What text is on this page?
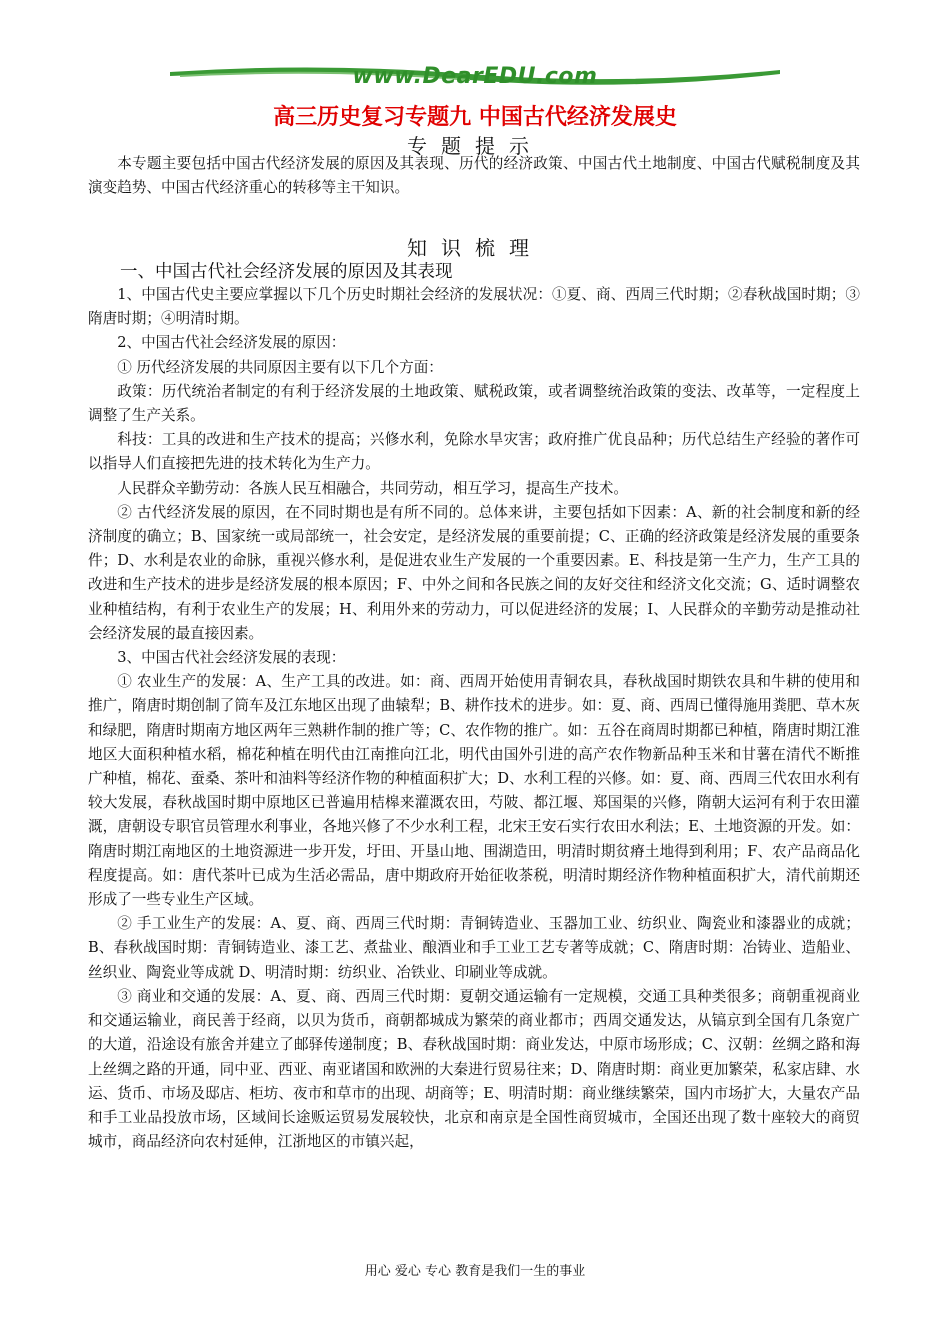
www.DearEDU.com
高三历史复习专题九 中国古代经济发展史
专题提示

本专题主要包括中国古代经济发展的原因及其表现、历代的经济政策、中国古代土地制度、中国古代赋税制度及其演变趋势、中国古代经济重心的转移等主干知识。

知识梳理
一、中国古代社会经济发展的原因及其表现

1、中国古代史主要应掌握以下几个历史时期社会经济的发展状况：①夏、商、西周三代时期；②春秋战国时期；③隋唐时期；④明清时期。

2、中国古代社会经济发展的原因：

① 历代经济发展的共同原因主要有以下几个方面：

政策：历代统治者制定的有利于经济发展的土地政策、赋税政策，或者调整统治政策的变法、改革等，一定程度上调整了生产关系。

科技：工具的改进和生产技术的提高；兴修水利，免除水旱灾害；政府推广优良品种；历代总结生产经验的著作可以指导人们直接把先进的技术转化为生产力。

人民群众辛勤劳动：各族人民互相融合，共同劳动，相互学习，提高生产技术。

② 古代经济发展的原因，在不同时期也是有所不同的。总体来讲，主要包括如下因素：A、新的社会制度和新的经济制度的确立；B、国家统一或局部统一，社会安定，是经济发展的重要前提；C、正确的经济政策是经济发展的重要条件；D、水利是农业的命脉，重视兴修水利，是促进农业生产发展的一个重要因素。E、科技是第一生产力，生产工具的改进和生产技术的进步是经济发展的根本原因；F、中外之间和各民族之间的友好交往和经济文化交流；G、适时调整农业种植结构，有利于农业生产的发展；H、利用外来的劳动力，可以促进经济的发展；I、人民群众的辛勤劳动是推动社会经济发展的最直接因素。

3、中国古代社会经济发展的表现：

① 农业生产的发展：A、生产工具的改进。如：商、西周开始使用青铜农具，春秋战国时期铁农具和牛耕的使用和推广，隋唐时期创制了筒车及江东地区出现了曲辕犁；B、耕作技术的进步。如：夏、商、西周已懂得施用粪肥、草木灰和绿肥，隋唐时期南方地区两年三熟耕作制的推广等；C、农作物的推广。如：五谷在商周时期都已种植，隋唐时期江淮地区大面积种植水稻，棉花种植在明代由江南推向江北，明代由国外引进的高产农作物新品种玉米和甘薯在清代不断推广种植，棉花、蚕桑、茶叶和油料等经济作物的种植面积扩大；D、水利工程的兴修。如：夏、商、西周三代农田水利有较大发展，春秋战国时期中原地区已普遍用桔槔来灌溉农田，芍陂、都江堰、郑国渠的兴修，隋朝大运河有利于农田灌溉，唐朝设专职官员管理水利事业，各地兴修了不少水利工程，北宋王安石实行农田水利法；E、土地资源的开发。如：隋唐时期江南地区的土地资源进一步开发，圩田、开垦山地、围湖造田，明清时期贫瘠土地得到利用；F、农产品商品化程度提高。如：唐代茶叶已成为生活必需品，唐中期政府开始征收茶税，明清时期经济作物种植面积扩大，清代前期还形成了一些专业生产区域。

② 手工业生产的发展：A、夏、商、西周三代时期：青铜铸造业、玉器加工业、纺织业、陶瓷业和漆器业的成就；B、春秋战国时期：青铜铸造业、漆工艺、煮盐业、酿酒业和手工业工艺专著等成就；C、隋唐时期：冶铸业、造船业、丝织业、陶瓷业等成就 D、明清时期：纺织业、冶铁业、印刷业等成就。

③ 商业和交通的发展：A、夏、商、西周三代时期：夏朝交通运输有一定规模，交通工具种类很多；商朝重视商业和交通运输业，商民善于经商，以贝为货币，商朝都城成为繁荣的商业都市；西周交通发达，从镐京到全国有几条宽广的大道，沿途设有旅舍并建立了邮驿传递制度；B、春秋战国时期：商业发达，中原市场形成；C、汉朝：丝绸之路和海上丝绸之路的开通，同中亚、西亚、南亚诸国和欧洲的大秦进行贸易往来；D、隋唐时期：商业更加繁荣，私家店肆、水运、货币、市场及邸店、柜坊、夜市和草市的出现、胡商等；E、明清时期：商业继续繁荣，国内市场扩大，大量农产品和手工业品投放市场，区域间长途贩运贸易发展较快，北京和南京是全国性商贸城市，全国还出现了数十座较大的商贸城市，商品经济向农村延伸，江浙地区的市镇兴起，

用心 爱心 专心 教育是我们一生的事业
